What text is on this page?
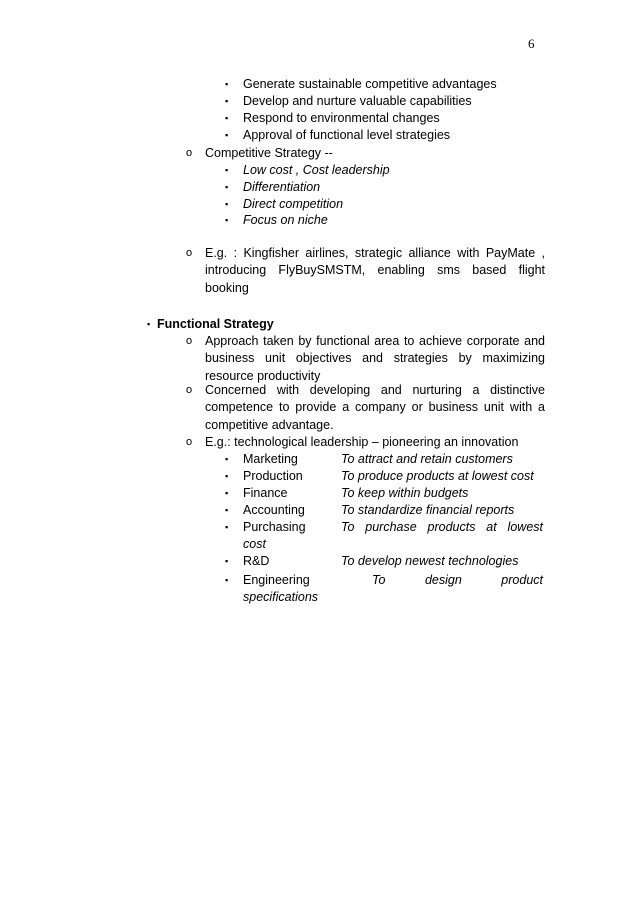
6
▪ Generate sustainable competitive advantages
▪ Develop and nurture valuable capabilities
▪ Respond to environmental changes
▪ Approval of functional level strategies
o Competitive Strategy --
▪ Low cost , Cost leadership
▪ Differentiation
▪ Direct competition
▪ Focus on niche
o E.g. : Kingfisher airlines, strategic alliance with PayMate , introducing FlyBuySMSTM, enabling sms based flight booking
▪ Functional Strategy
o Approach taken by functional area to achieve corporate and business unit objectives and strategies by maximizing resource productivity
o Concerned with developing and nurturing a distinctive competence to provide a company or business unit with a competitive advantage.
o E.g.: technological leadership – pioneering an innovation
▪ Marketing	To attract and retain customers
▪ Production	To produce products at lowest cost
▪ Finance	To keep within budgets
▪ Accounting	To standardize financial reports
▪ Purchasing	To purchase products at lowest
cost
▪ R&D	To develop newest technologies
▪ Engineering	To design product
specifications
